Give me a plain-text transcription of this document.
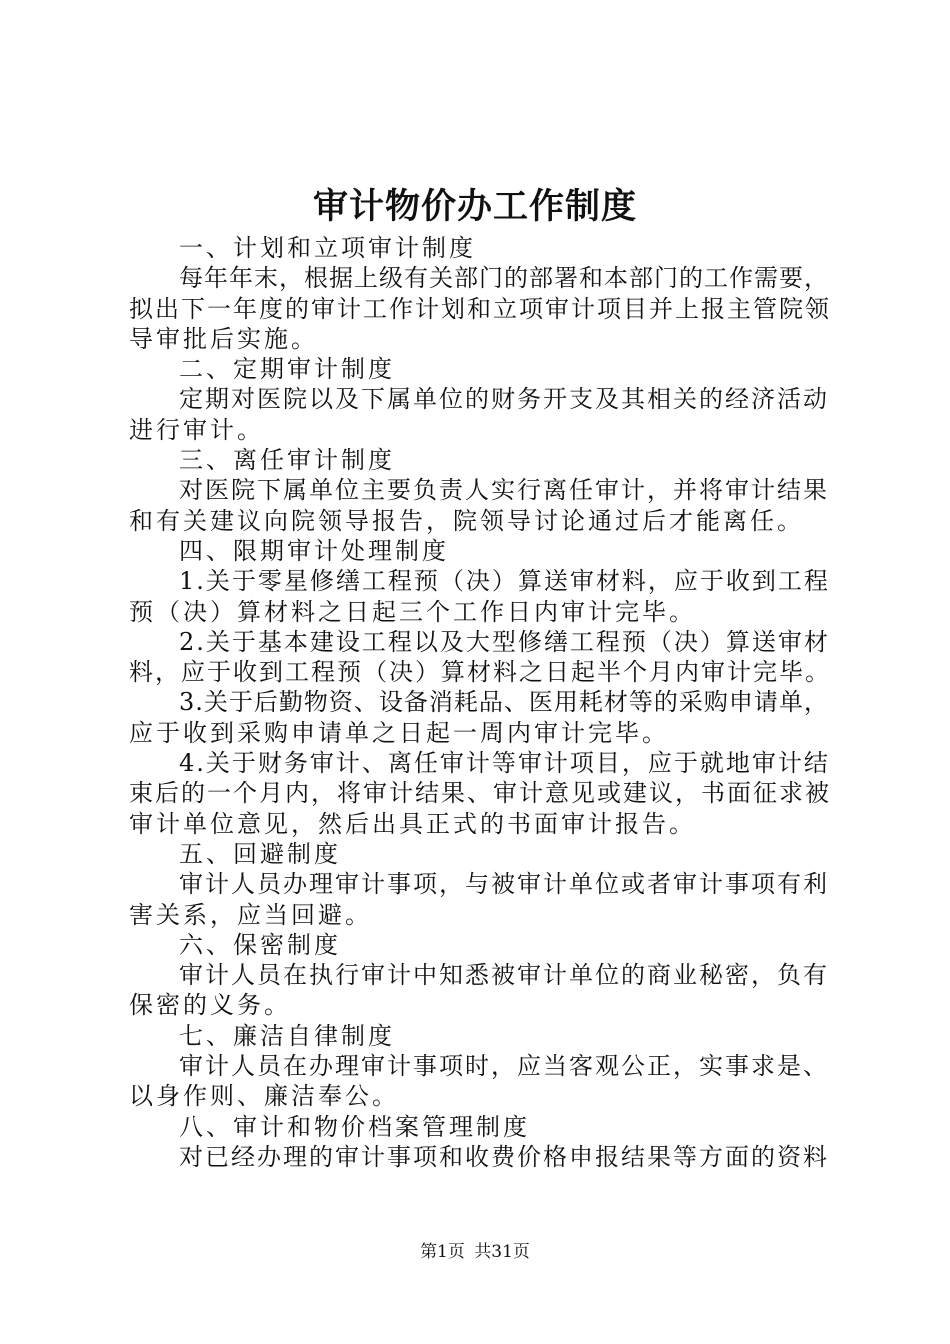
审计物价办工作制度
一、计划和立项审计制度
每年年末，根据上级有关部门的部署和本部门的工作需要，
拟出下一年度的审计工作计划和立项审计项目并上报主管院领
导审批后实施。
二、定期审计制度
定期对医院以及下属单位的财务开支及其相关的经济活动
进行审计。
三、离任审计制度
对医院下属单位主要负责人实行离任审计，并将审计结果
和有关建议向院领导报告，院领导讨论通过后才能离任。
四、限期审计处理制度
1.关于零星修缮工程预（决）算送审材料，应于收到工程
预（决）算材料之日起三个工作日内审计完毕。
2.关于基本建设工程以及大型修缮工程预（决）算送审材
料，应于收到工程预（决）算材料之日起半个月内审计完毕。
3.关于后勤物资、设备消耗品、医用耗材等的采购申请单，
应于收到采购申请单之日起一周内审计完毕。
4.关于财务审计、离任审计等审计项目，应于就地审计结
束后的一个月内，将审计结果、审计意见或建议，书面征求被
审计单位意见，然后出具正式的书面审计报告。
五、回避制度
审计人员办理审计事项，与被审计单位或者审计事项有利
害关系，应当回避。
六、保密制度
审计人员在执行审计中知悉被审计单位的商业秘密，负有
保密的义务。
七、廉洁自律制度
审计人员在办理审计事项时，应当客观公正，实事求是、
以身作则、廉洁奉公。
八、审计和物价档案管理制度
对已经办理的审计事项和收费价格申报结果等方面的资料
第1页 共31页
